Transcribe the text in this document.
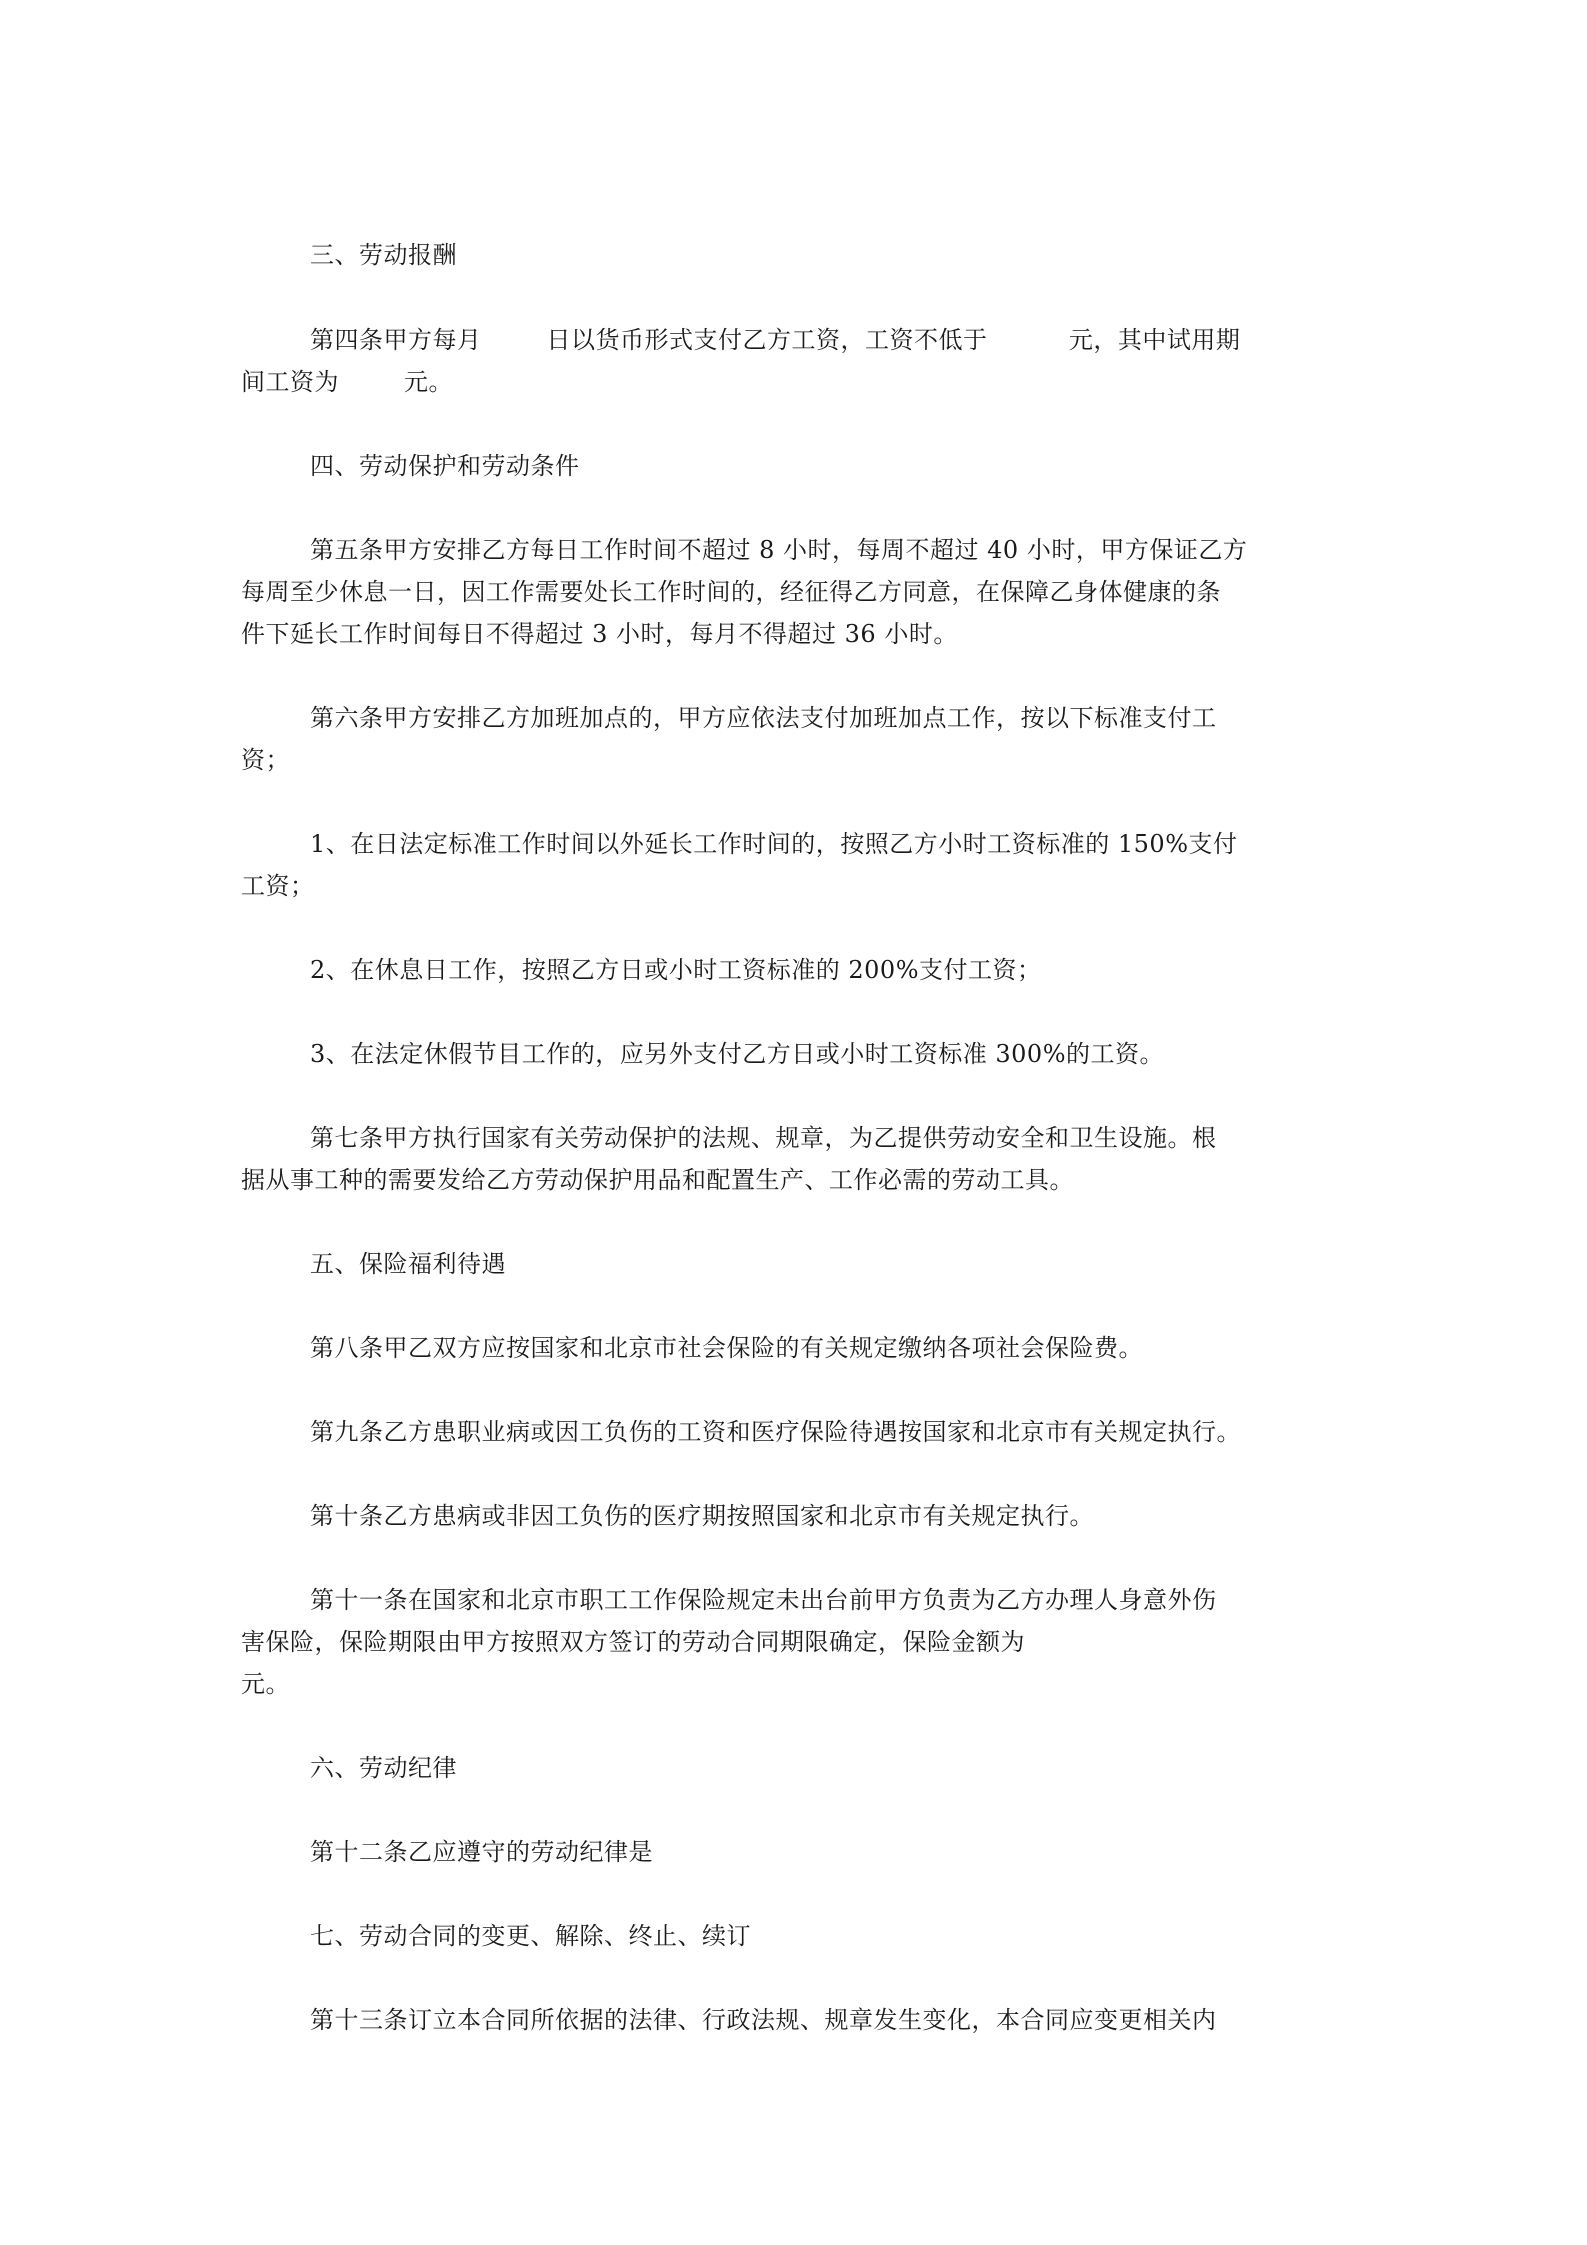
三、劳动报酬
第四条甲方每月        日以货币形式支付乙方工资，工资不低于          元，其中试用期
间工资为        元。
四、劳动保护和劳动条件
第五条甲方安排乙方每日工作时间不超过 8 小时，每周不超过 40 小时，甲方保证乙方
每周至少休息一日，因工作需要处长工作时间的，经征得乙方同意，在保障乙身体健康的条
件下延长工作时间每日不得超过 3 小时，每月不得超过 36 小时。
第六条甲方安排乙方加班加点的，甲方应依法支付加班加点工作，按以下标准支付工
资；
1、在日法定标准工作时间以外延长工作时间的，按照乙方小时工资标准的 150%支付
工资；
2、在休息日工作，按照乙方日或小时工资标准的 200%支付工资；
3、在法定休假节目工作的，应另外支付乙方日或小时工资标准 300%的工资。
第七条甲方执行国家有关劳动保护的法规、规章，为乙提供劳动安全和卫生设施。根
据从事工种的需要发给乙方劳动保护用品和配置生产、工作必需的劳动工具。
五、保险福利待遇
第八条甲乙双方应按国家和北京市社会保险的有关规定缴纳各项社会保险费。
第九条乙方患职业病或因工负伤的工资和医疗保险待遇按国家和北京市有关规定执行。
第十条乙方患病或非因工负伤的医疗期按照国家和北京市有关规定执行。
第十一条在国家和北京市职工工作保险规定未出台前甲方负责为乙方办理人身意外伤
害保险，保险期限由甲方按照双方签订的劳动合同期限确定，保险金额为
元。
六、劳动纪律
第十二条乙应遵守的劳动纪律是
七、劳动合同的变更、解除、终止、续订
第十三条订立本合同所依据的法律、行政法规、规章发生变化，本合同应变更相关内
